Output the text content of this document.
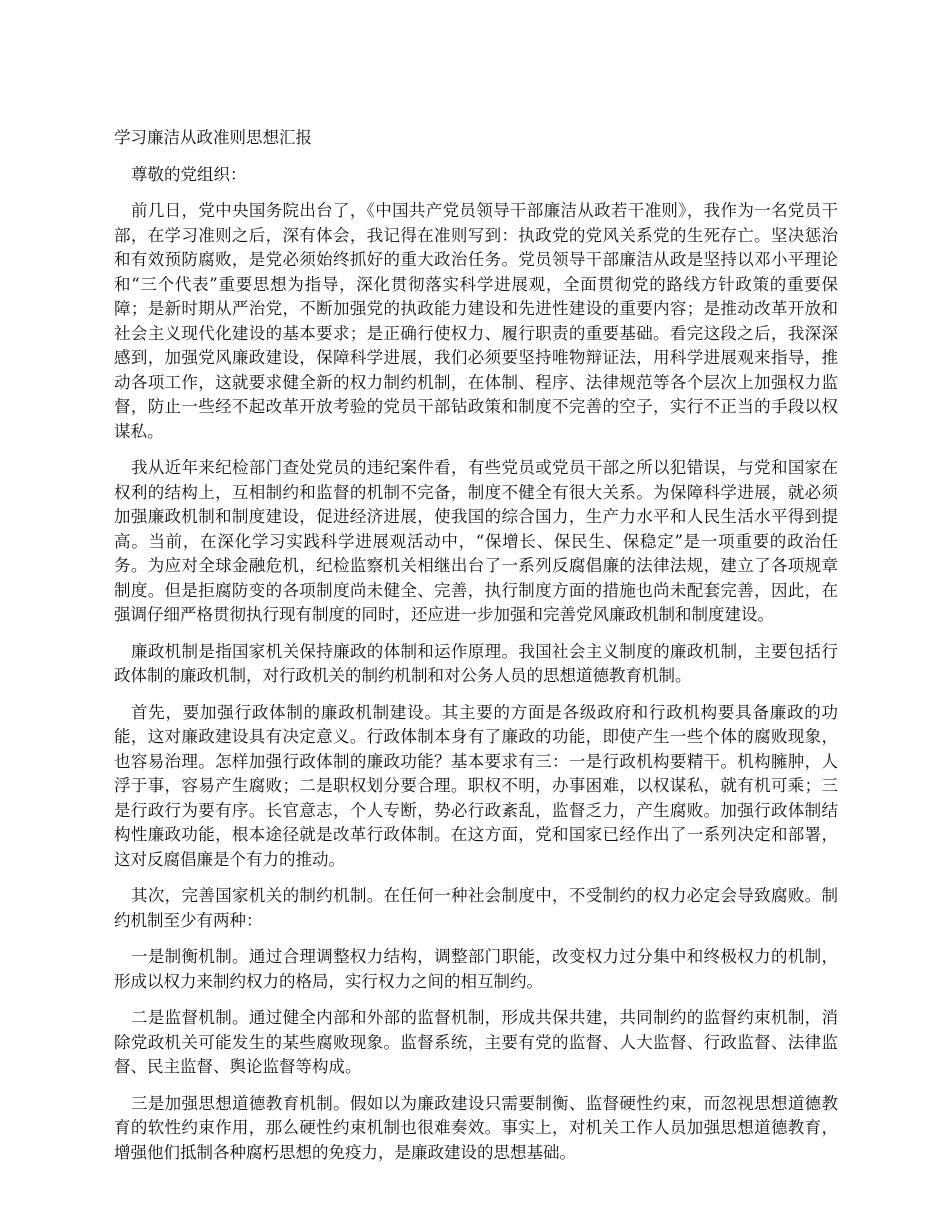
学习廉洁从政准则思想汇报

尊敬的党组织：

前几日，党中央国务院出台了，《中国共产党员领导干部廉洁从政若干准则》，我作为一名党员干部，在学习准则之后，深有体会，我记得在准则写到：执政党的党风关系党的生死存亡。坚决惩治和有效预防腐败，是党必须始终抓好的重大政治任务。党员领导干部廉洁从政是坚持以邓小平理论和“三个代表”重要思想为指导，深化贯彻落实科学进展观，全面贯彻党的路线方针政策的重要保障；是新时期从严治党，不断加强党的执政能力建设和先进性建设的重要内容；是推动改革开放和社会主义现代化建设的基本要求；是正确行使权力、履行职责的重要基础。看完这段之后，我深深感到，加强党风廉政建设，保障科学进展，我们必须要坚持唯物辩证法，用科学进展观来指导，推动各项工作，这就要求健全新的权力制约机制，在体制、程序、法律规范等各个层次上加强权力监督，防止一些经不起改革开放考验的党员干部钻政策和制度不完善的空子，实行不正当的手段以权谋私。

我从近年来纪检部门查处党员的违纪案件看，有些党员或党员干部之所以犯错误，与党和国家在权利的结构上，互相制约和监督的机制不完备，制度不健全有很大关系。为保障科学进展，就必须加强廉政机制和制度建设，促进经济进展，使我国的综合国力，生产力水平和人民生活水平得到提高。当前，在深化学习实践科学进展观活动中，“保增长、保民生、保稳定”是一项重要的政治任务。为应对全球金融危机，纪检监察机关相继出台了一系列反腐倡廉的法律法规，建立了各项规章制度。但是拒腐防变的各项制度尚未健全、完善，执行制度方面的措施也尚未配套完善，因此，在强调仔细严格贯彻执行现有制度的同时，还应进一步加强和完善党风廉政机制和制度建设。

廉政机制是指国家机关保持廉政的体制和运作原理。我国社会主义制度的廉政机制，主要包括行政体制的廉政机制，对行政机关的制约机制和对公务人员的思想道德教育机制。

首先，要加强行政体制的廉政机制建设。其主要的方面是各级政府和行政机构要具备廉政的功能，这对廉政建设具有决定意义。行政体制本身有了廉政的功能，即使产生一些个体的腐败现象，也容易治理。怎样加强行政体制的廉政功能？基本要求有三：一是行政机构要精干。机构臃肿，人浮于事，容易产生腐败；二是职权划分要合理。职权不明，办事困难，以权谋私，就有机可乘；三是行政行为要有序。长官意志，个人专断，势必行政紊乱，监督乏力，产生腐败。加强行政体制结构性廉政功能，根本途径就是改革行政体制。在这方面，党和国家已经作出了一系列决定和部署，这对反腐倡廉是个有力的推动。

其次，完善国家机关的制约机制。在任何一种社会制度中，不受制约的权力必定会导致腐败。制约机制至少有两种：

一是制衡机制。通过合理调整权力结构，调整部门职能，改变权力过分集中和终极权力的机制，形成以权力来制约权力的格局，实行权力之间的相互制约。

二是监督机制。通过健全内部和外部的监督机制，形成共保共建，共同制约的监督约束机制，消除党政机关可能发生的某些腐败现象。监督系统，主要有党的监督、人大监督、行政监督、法律监督、民主监督、舆论监督等构成。

三是加强思想道德教育机制。假如以为廉政建设只需要制衡、监督硬性约束，而忽视思想道德教育的软性约束作用，那么硬性约束机制也很难奏效。事实上，对机关工作人员加强思想道德教育，增强他们抵制各种腐朽思想的免疫力，是廉政建设的思想基础。
